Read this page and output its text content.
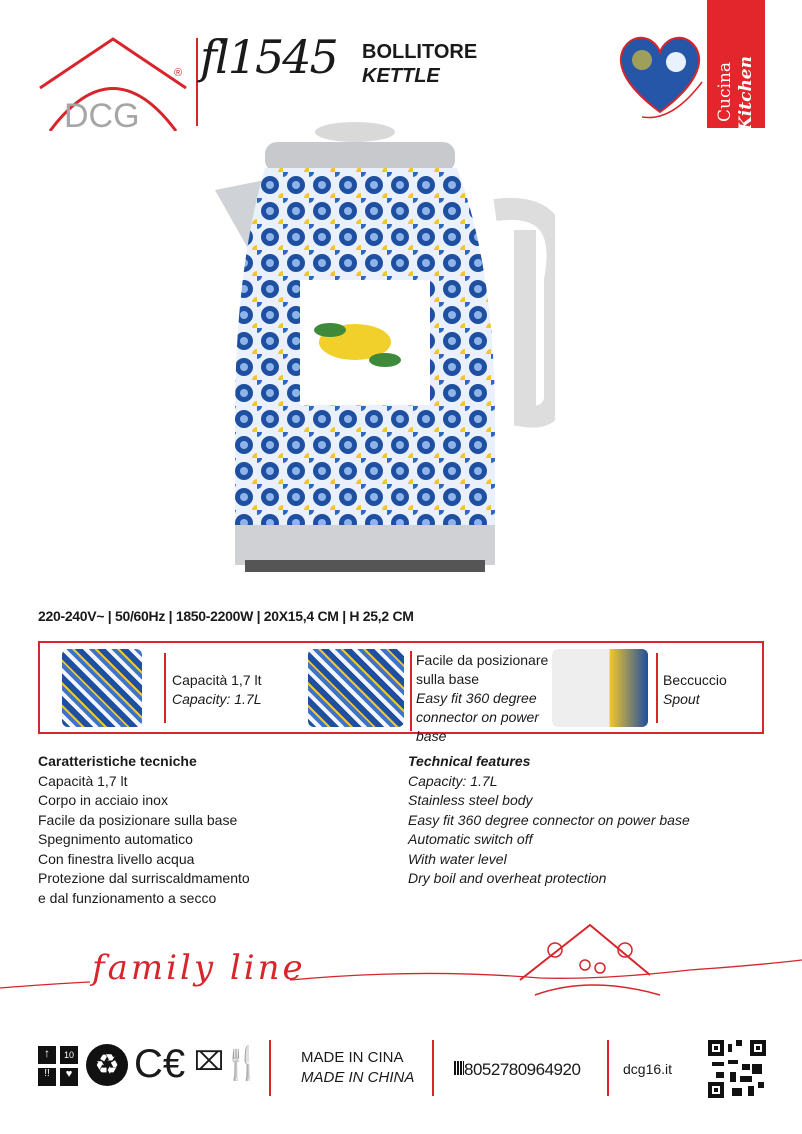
DCG
® fl1545 BOLLITORE
KETTLE	Cucina Kitchen
220-240V~ | 50/60Hz | 1850-2200W | 20X15,4 CM | H 25,2 CM
Capacità 1,7 lt
Capacity: 1.7L
Facile da posizionare sulla base
Easy fit 360 degree connector on power base
Beccuccio
Spout
Caratteristiche tecniche
Capacità 1,7 lt
Corpo in acciaio inox
Facile da posizionare sulla base
Spegnimento automatico
Con finestra livello acqua
Protezione dal surriscaldmamento
e dal funzionamento a secco
Technical features
Capacity: 1.7L
Stainless steel body
Easy fit 360 degree connector on power base
Automatic switch off
With water level
Dry boil and overheat protection
family line
↑	10
!!	♥ ♻ C€ ⌧
🍴	MADE IN CINA
MADE IN CHINA	8052780964920	dcg16.it
